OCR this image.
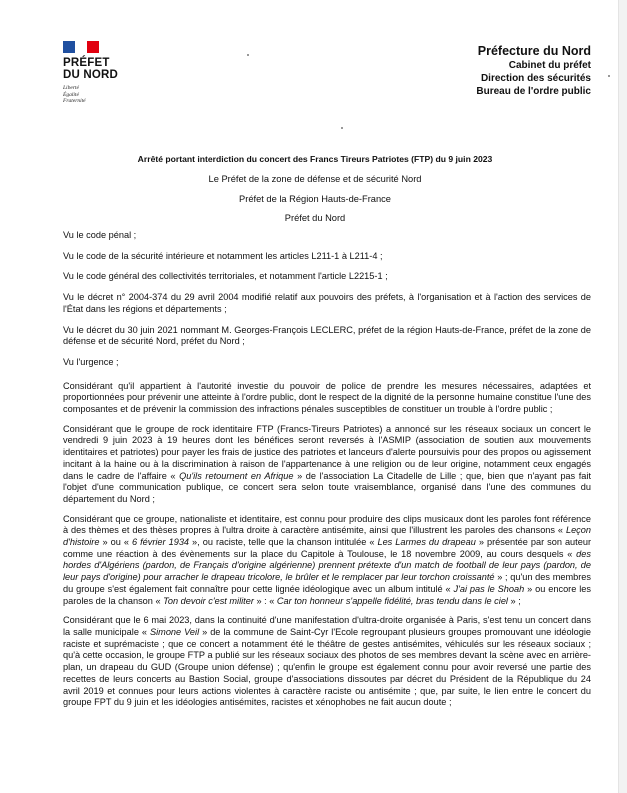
PRÉFET
DU NORD
Liberté
Égalité
Fraternité
Préfecture du Nord
Cabinet du préfet
Direction des sécurités
Bureau de l'ordre public
Arrêté portant interdiction du concert des Francs Tireurs Patriotes (FTP) du 9 juin 2023
Le Préfet de la zone de défense et de sécurité Nord
Préfet de la Région Hauts-de-France
Préfet du Nord

Vu le code pénal ;

Vu le code de la sécurité intérieure et notamment les articles L211-1 à L211-4 ;

Vu le code général des collectivités territoriales, et notamment l'article L2215-1 ;

Vu le décret n° 2004-374 du 29 avril 2004 modifié relatif aux pouvoirs des préfets, à l'organisation et à l'action des services de l'État dans les régions et départements ;

Vu le décret du 30 juin 2021 nommant M. Georges-François LECLERC, préfet de la région Hauts-de-France, préfet de la zone de défense et de sécurité Nord, préfet du Nord ;

Vu l'urgence ;

Considérant qu'il appartient à l'autorité investie du pouvoir de police de prendre les mesures nécessaires, adaptées et proportionnées pour prévenir une atteinte à l'ordre public, dont le respect de la dignité de la personne humaine constitue l'une des composantes et de prévenir la commission des infractions pénales susceptibles de constituer un trouble à l'ordre public ;

Considérant que le groupe de rock identitaire FTP (Francs-Tireurs Patriotes) a annoncé sur les réseaux sociaux un concert le vendredi 9 juin 2023 à 19 heures dont les bénéfices seront reversés à l'ASMIP (association de soutien aux mouvements identitaires et patriotes) pour payer les frais de justice des patriotes et lanceurs d'alerte poursuivis pour des propos ou agissement incitant à la haine ou à la discrimination à raison de l'appartenance à une religion ou de leur origine, notamment ceux engagés dans le cadre de l'affaire « Qu'ils retournent en Afrique » de l'association La Citadelle de Lille ; que, bien que n'ayant pas fait l'objet d'une communication publique, ce concert sera selon toute vraisemblance, organisé dans l'une des communes du département du Nord ;

Considérant que ce groupe, nationaliste et identitaire, est connu pour produire des clips musicaux dont les paroles font référence à des thèmes et des thèses propres à l'ultra droite à caractère antisémite, ainsi que l'illustrent les paroles des chansons « Leçon d'histoire » ou « 6 février 1934 », ou raciste, telle que la chanson intitulée « Les Larmes du drapeau » présentée par son auteur comme une réaction à des évènements sur la place du Capitole à Toulouse, le 18 novembre 2009, au cours desquels « des hordes d'Algériens (pardon, de Français d'origine algérienne) prennent prétexte d'un match de football de leur pays (pardon, de leur pays d'origine) pour arracher le drapeau tricolore, le brûler et le remplacer par leur torchon croissanté » ; qu'un des membres du groupe s'est également fait connaître pour cette lignée idéologique avec un album intitulé « J'ai pas le Shoah » ou encore les paroles de la chanson « Ton devoir c'est militer » : « Car ton honneur s'appelle fidélité, bras tendu dans le ciel » ;

Considérant que le 6 mai 2023, dans la continuité d'une manifestation d'ultra-droite organisée à Paris, s'est tenu un concert dans la salle municipale « Simone Veil » de la commune de Saint-Cyr l'Ecole regroupant plusieurs groupes promouvant une idéologie raciste et suprémaciste ; que ce concert a notamment été le théâtre de gestes antisémites, véhiculés sur les réseaux sociaux ; qu'à cette occasion, le groupe FTP a publié sur les réseaux sociaux des photos de ses membres devant la scène avec en arrière-plan, un drapeau du GUD (Groupe union défense) ; qu'enfin le groupe est également connu pour avoir reversé une partie des recettes de leurs concerts au Bastion Social, groupe d'associations dissoutes par décret du Président de la République du 24 avril 2019 et connues pour leurs actions violentes à caractère raciste ou antisémite ; que, par suite, le lien entre le concert du groupe FPT du 9 juin et les idéologies antisémites, racistes et xénophobes ne fait aucun doute ;
